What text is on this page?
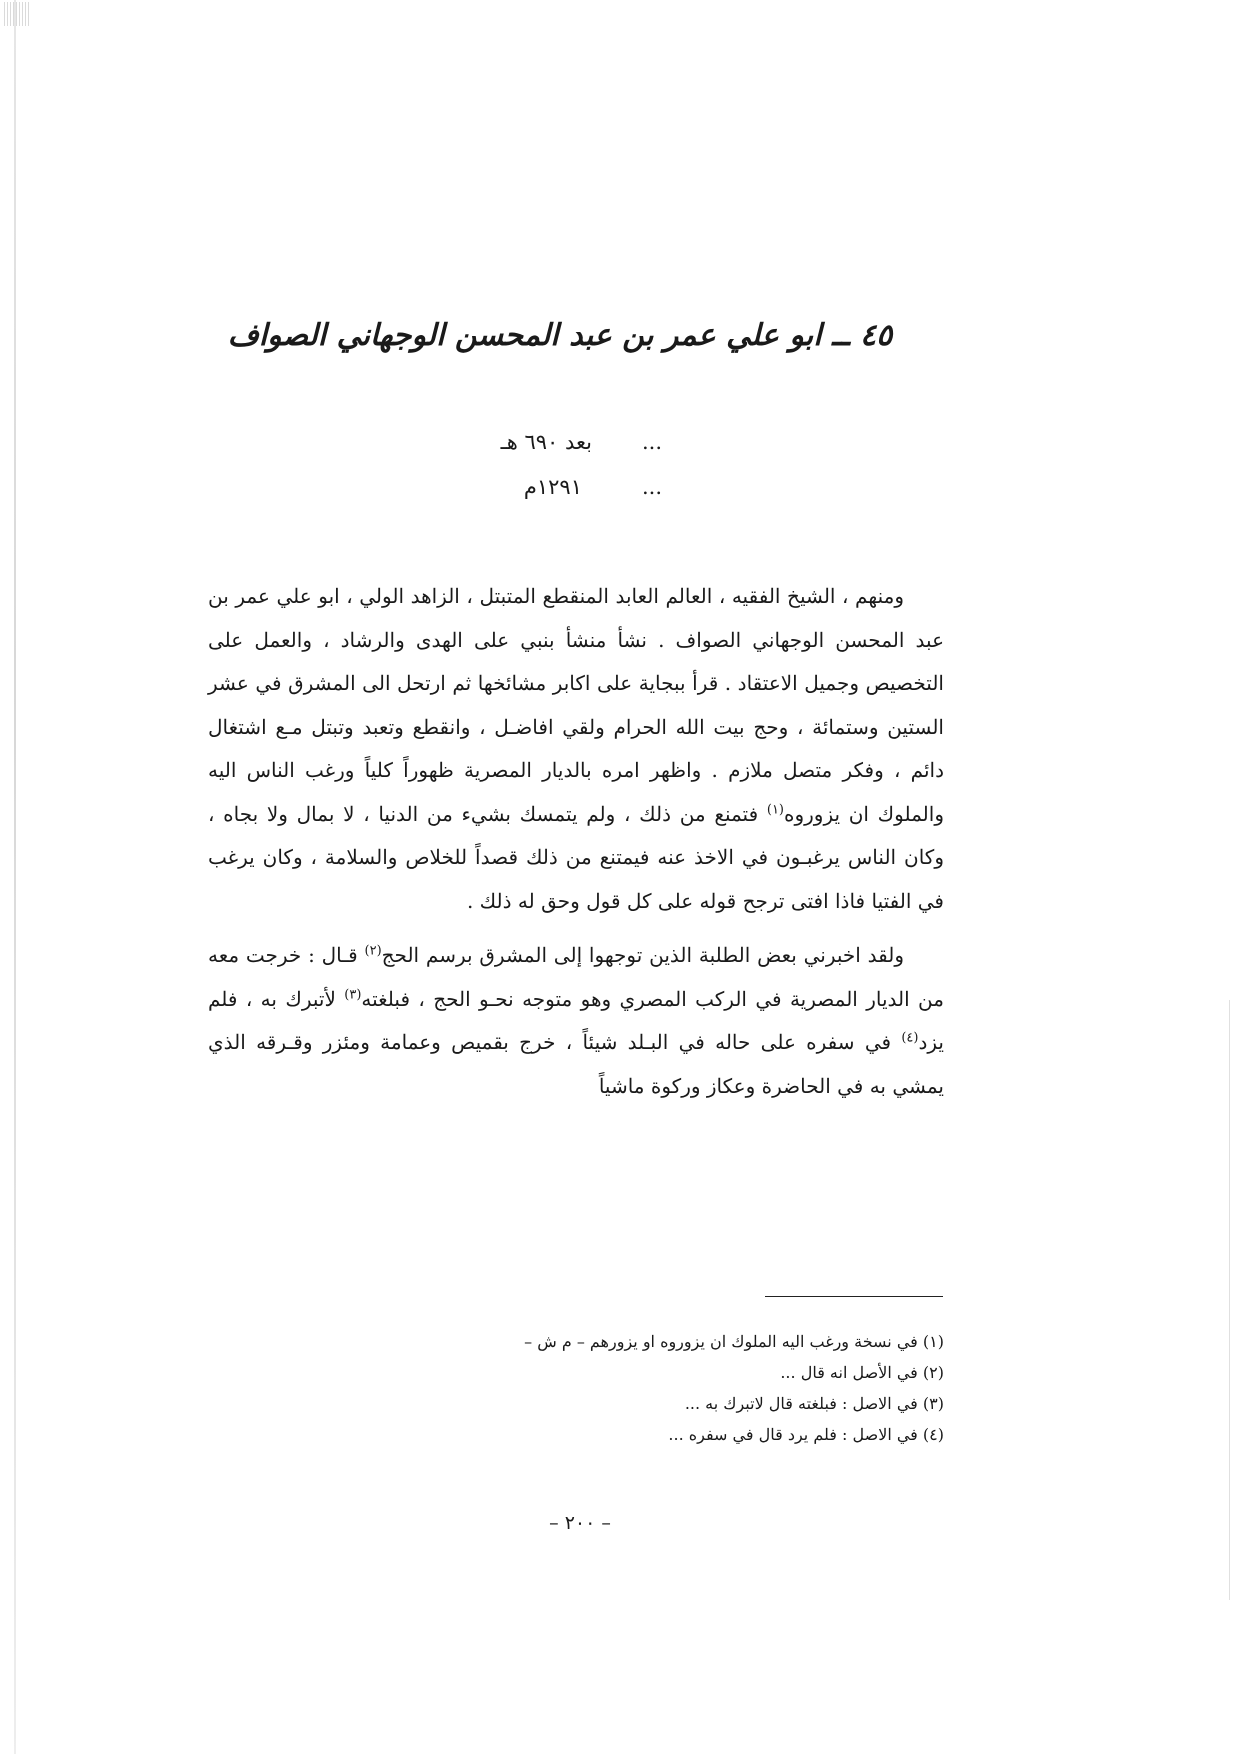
٤٥ ــ ابو علي عمر بن عبد المحسن الوجهاني الصواف
...
بعد ٦٩٠ هـ
...
١٢٩١م

ومنهم ، الشيخ الفقيه ، العالم العابد المنقطع المتبتل ، الزاهد الولي ، ابو علي عمر بن عبد المحسن الوجهاني الصواف . نشأ منشأ بنبي على الهدى والرشاد ، والعمل على التخصيص وجميل الاعتقاد . قرأ ببجاية على اكابر مشائخها ثم ارتحل الى المشرق في عشر الستين وستمائة ، وحج بيت الله الحرام ولقي افاضـل ، وانقطع وتعبد وتبتل مـع اشتغال دائم ، وفكر متصل ملازم . واظهر امره بالديار المصرية ظهوراً كلياً ورغب الناس اليه والملوك ان يزوروه$^{(١)}$ فتمنع من ذلك ، ولم يتمسك بشيء من الدنيا ، لا بمال ولا بجاه ، وكان الناس يرغبـون في الاخذ عنه فيمتنع من ذلك قصداً للخلاص والسلامة ، وكان يرغب في الفتيا فاذا افتى ترجح قوله على كل قول وحق له ذلك .

ولقد اخبرني بعض الطلبة الذين توجهوا إلى المشرق برسم الحج$^{(٢)}$ قـال : خرجت معه من الديار المصرية في الركب المصري وهو متوجه نحـو الحج ، فبلغته$^{(٣)}$ لأتبرك به ، فلم يزد$^{(٤)}$ في سفره على حاله في البـلد شيئاً ، خرج بقميص وعمامة ومئزر وقـرقه الذي يمشي به في الحاضرة وعكاز وركوة ماشياً

(١) في نسخة ورغب اليه الملوك ان يزوروه او يزورهم – م ش –
(٢) في الأصل انه قال ...
(٣) في الاصل : فبلغته قال لاتبرك به ...
(٤) في الاصل : فلم يرد قال في سفره ...
– ٢٠٠ –
